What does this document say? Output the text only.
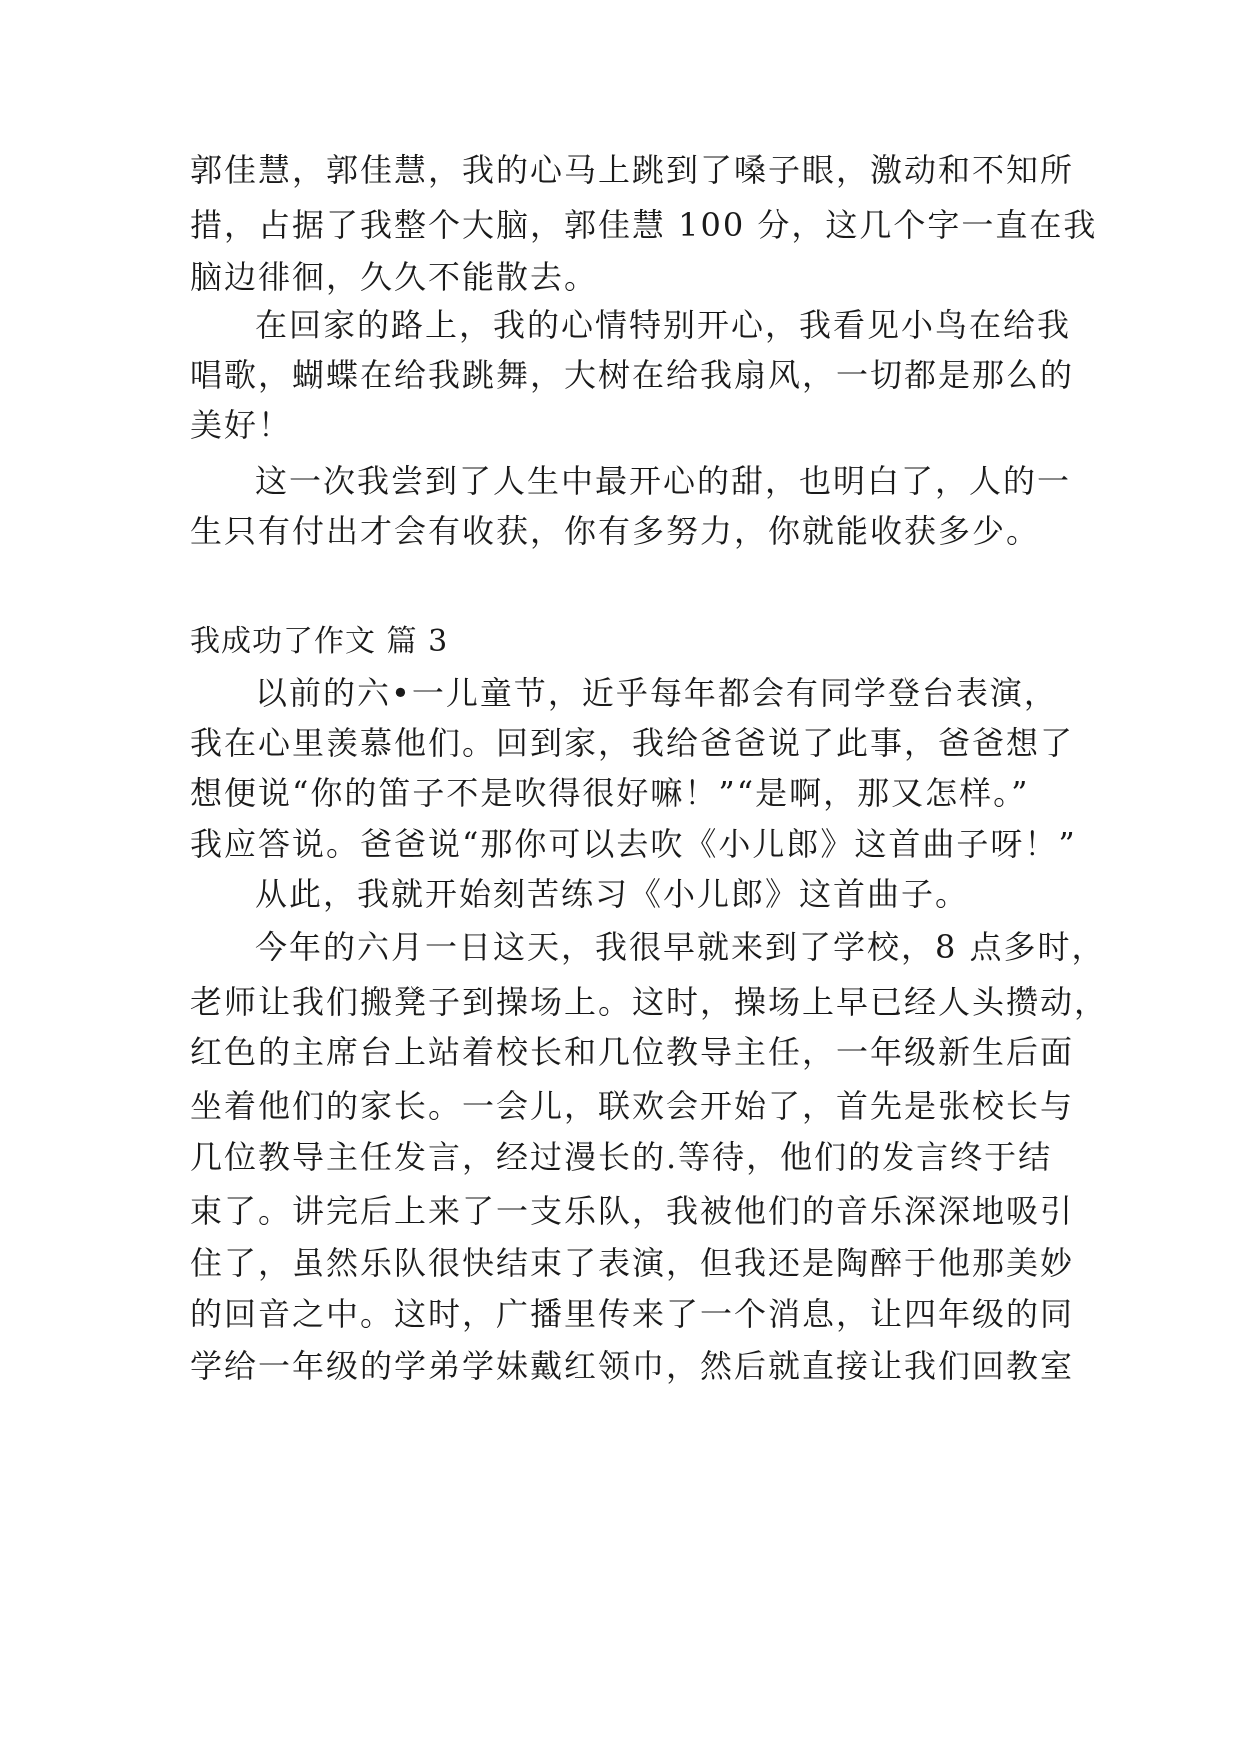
郭佳慧，郭佳慧，我的心马上跳到了嗓子眼，激动和不知所
措，占据了我整个大脑，郭佳慧 100 分，这几个字一直在我
脑边徘徊，久久不能散去。
在回家的路上，我的心情特别开心，我看见小鸟在给我
唱歌，蝴蝶在给我跳舞，大树在给我扇风，一切都是那么的
美好！
这一次我尝到了人生中最开心的甜，也明白了，人的一
生只有付出才会有收获，你有多努力，你就能收获多少。
我成功了作文 篇 3
以前的六•一儿童节，近乎每年都会有同学登台表演，
我在心里羡慕他们。回到家，我给爸爸说了此事，爸爸想了
想便说“你的笛子不是吹得很好嘛！”“是啊，那又怎样。”
我应答说。爸爸说“那你可以去吹《小儿郎》这首曲子呀！”
从此，我就开始刻苦练习《小儿郎》这首曲子。
今年的六月一日这天，我很早就来到了学校，8 点多时，
老师让我们搬凳子到操场上。这时，操场上早已经人头攒动，
红色的主席台上站着校长和几位教导主任，一年级新生后面
坐着他们的家长。一会儿，联欢会开始了，首先是张校长与
几位教导主任发言，经过漫长的.等待，他们的发言终于结
束了。讲完后上来了一支乐队，我被他们的音乐深深地吸引
住了，虽然乐队很快结束了表演，但我还是陶醉于他那美妙
的回音之中。这时，广播里传来了一个消息，让四年级的同
学给一年级的学弟学妹戴红领巾，然后就直接让我们回教室
